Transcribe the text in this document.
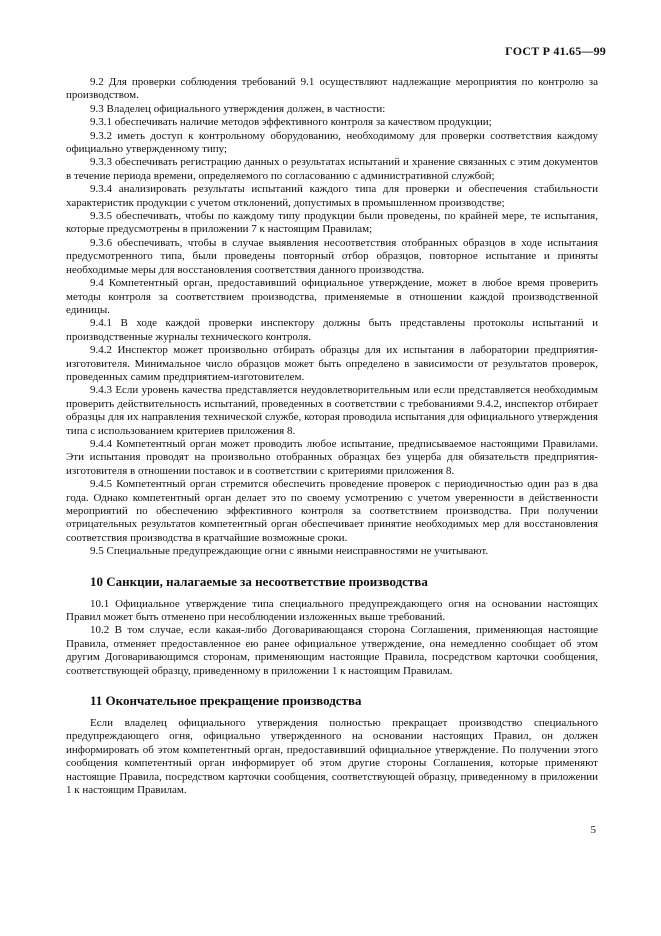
ГОСТ Р 41.65—99

9.2 Для проверки соблюдения требований 9.1 осуществляют надлежащие мероприятия по контролю за производством.

9.3 Владелец официального утверждения должен, в частности:

9.3.1 обеспечивать наличие методов эффективного контроля за качеством продукции;

9.3.2 иметь доступ к контрольному оборудованию, необходимому для проверки соответствия каждому официально утвержденному типу;

9.3.3 обеспечивать регистрацию данных о результатах испытаний и хранение связанных с этим документов в течение периода времени, определяемого по согласованию с административной службой;

9.3.4 анализировать результаты испытаний каждого типа для проверки и обеспечения стабильности характеристик продукции с учетом отклонений, допустимых в промышленном производстве;

9.3.5 обеспечивать, чтобы по каждому типу продукции были проведены, по крайней мере, те испытания, которые предусмотрены в приложении 7 к настоящим Правилам;

9.3.6 обеспечивать, чтобы в случае выявления несоответствия отобранных образцов в ходе испытания предусмотренного типа, были проведены повторный отбор образцов, повторное испытание и приняты необходимые меры для восстановления соответствия данного производства.

9.4 Компетентный орган, предоставивший официальное утверждение, может в любое время проверить методы контроля за соответствием производства, применяемые в отношении каждой производственной единицы.

9.4.1 В ходе каждой проверки инспектору должны быть представлены протоколы испытаний и производственные журналы технического контроля.

9.4.2 Инспектор может произвольно отбирать образцы для их испытания в лаборатории предприятия-изготовителя. Минимальное число образцов может быть определено в зависимости от результатов проверок, проведенных самим предприятием-изготовителем.

9.4.3 Если уровень качества представляется неудовлетворительным или если представляется необходимым проверить действительность испытаний, проведенных в соответствии с требованиями 9.4.2, инспектор отбирает образцы для их направления технической службе, которая проводила испытания для официального утверждения типа с использованием критериев приложения 8.

9.4.4 Компетентный орган может проводить любое испытание, предписываемое настоящими Правилами. Эти испытания проводят на произвольно отобранных образцах без ущерба для обязательств предприятия-изготовителя в отношении поставок и в соответствии с критериями приложения 8.

9.4.5 Компетентный орган стремится обеспечить проведение проверок с периодичностью один раз в два года. Однако компетентный орган делает это по своему усмотрению с учетом уверенности в действенности мероприятий по обеспечению эффективного контроля за соответствием производства. При получении отрицательных результатов компетентный орган обеспечивает принятие необходимых мер для восстановления соответствия производства в кратчайшие возможные сроки.

9.5 Специальные предупреждающие огни с явными неисправностями не учитывают.

10 Санкции, налагаемые за несоответствие производства

10.1 Официальное утверждение типа специального предупреждающего огня на основании настоящих Правил может быть отменено при несоблюдении изложенных выше требований.

10.2 В том случае, если какая-либо Договаривающаяся сторона Соглашения, применяющая настоящие Правила, отменяет предоставленное ею ранее официальное утверждение, она немедленно сообщает об этом другим Договаривающимся сторонам, применяющим настоящие Правила, посредством карточки сообщения, соответствующей образцу, приведенному в приложении 1 к настоящим Правилам.

11 Окончательное прекращение производства

Если владелец официального утверждения полностью прекращает производство специального предупреждающего огня, официально утвержденного на основании настоящих Правил, он должен информировать об этом компетентный орган, предоставивший официальное утверждение. По получении этого сообщения компетентный орган информирует об этом другие стороны Соглашения, которые применяют настоящие Правила, посредством карточки сообщения, соответствующей образцу, приведенному в приложении 1 к настоящим Правилам.

5
